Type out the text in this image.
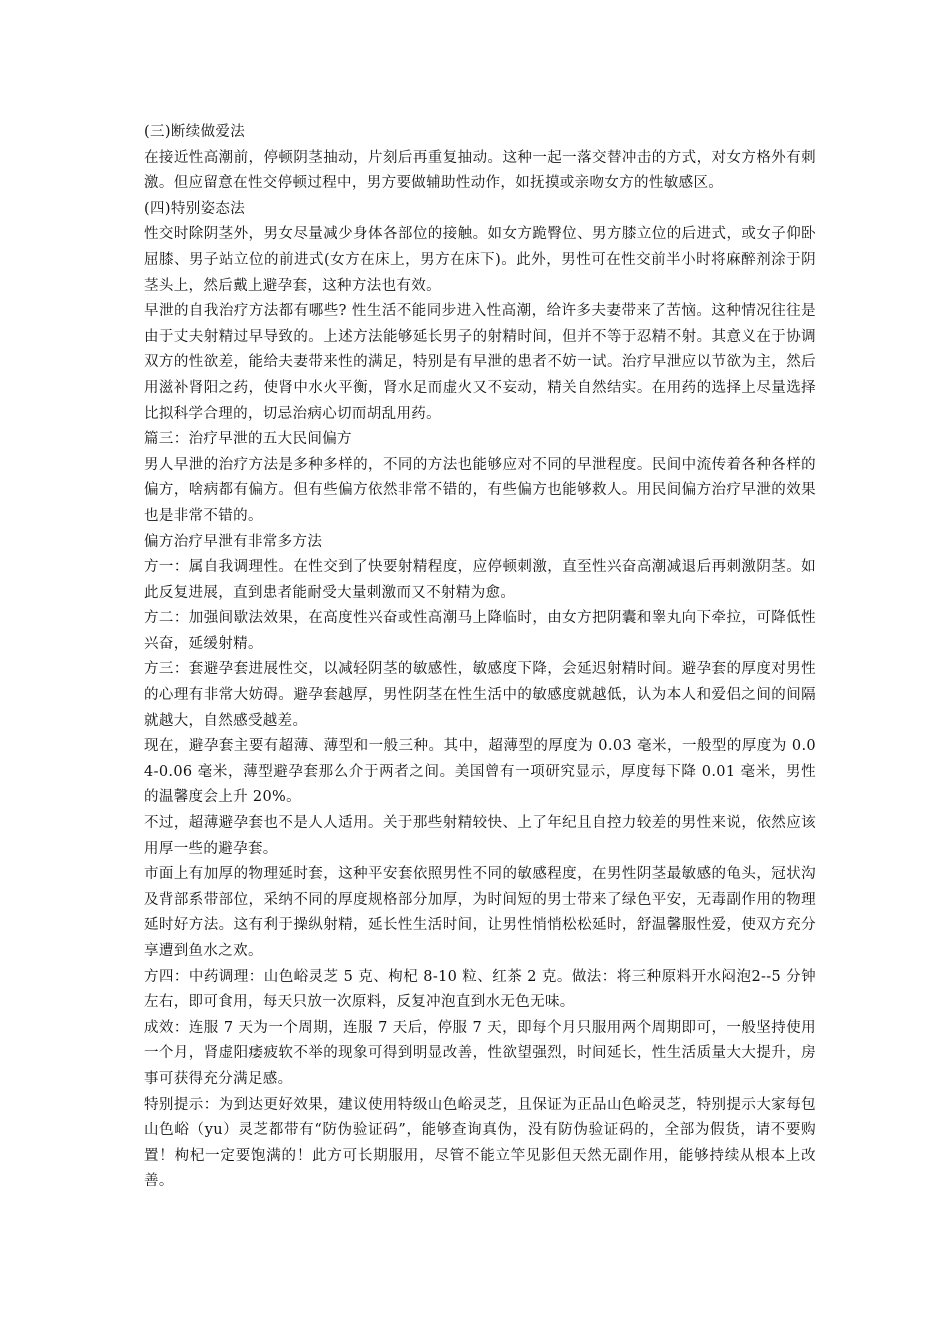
(三)断续做爱法

在接近性高潮前，停顿阴茎抽动，片刻后再重复抽动。这种一起一落交替冲击的方式，对女方格外有刺激。但应留意在性交停顿过程中，男方要做辅助性动作，如抚摸或亲吻女方的性敏感区。

(四)特别姿态法

性交时除阴茎外，男女尽量减少身体各部位的接触。如女方跪臀位、男方膝立位的后进式，或女子仰卧屈膝、男子站立位的前进式(女方在床上，男方在床下)。此外，男性可在性交前半小时将麻醉剂涂于阴茎头上，然后戴上避孕套，这种方法也有效。

早泄的自我治疗方法都有哪些? 性生活不能同步进入性高潮，给许多夫妻带来了苦恼。这种情况往往是由于丈夫射精过早导致的。上述方法能够延长男子的射精时间，但并不等于忍精不射。其意义在于协调双方的性欲差，能给夫妻带来性的满足，特别是有早泄的患者不妨一试。治疗早泄应以节欲为主，然后用滋补肾阳之药，使肾中水火平衡，肾水足而虚火又不妄动，精关自然结实。在用药的选择上尽量选择比拟科学合理的，切忌治病心切而胡乱用药。

篇三：治疗早泄的五大民间偏方

男人早泄的治疗方法是多种多样的，不同的方法也能够应对不同的早泄程度。民间中流传着各种各样的偏方，啥病都有偏方。但有些偏方依然非常不错的，有些偏方也能够救人。用民间偏方治疗早泄的效果也是非常不错的。

偏方治疗早泄有非常多方法

方一：属自我调理性。在性交到了快要射精程度，应停顿刺激，直至性兴奋高潮减退后再刺激阴茎。如此反复进展，直到患者能耐受大量刺激而又不射精为愈。

方二：加强间歇法效果，在高度性兴奋或性高潮马上降临时，由女方把阴囊和睾丸向下牵拉，可降低性兴奋，延缓射精。

方三：套避孕套进展性交，以减轻阴茎的敏感性，敏感度下降，会延迟射精时间。避孕套的厚度对男性的心理有非常大妨碍。避孕套越厚，男性阴茎在性生活中的敏感度就越低，认为本人和爱侣之间的间隔就越大，自然感受越差。

现在，避孕套主要有超薄、薄型和一般三种。其中，超薄型的厚度为 0.03 毫米，一般型的厚度为 0.04-0.06 毫米，薄型避孕套那么介于两者之间。美国曾有一项研究显示，厚度每下降 0.01 毫米，男性的温馨度会上升 20%。

不过，超薄避孕套也不是人人适用。关于那些射精较快、上了年纪且自控力较差的男性来说，依然应该用厚一些的避孕套。

市面上有加厚的物理延时套，这种平安套依照男性不同的敏感程度，在男性阴茎最敏感的龟头，冠状沟及背部系带部位，采纳不同的厚度规格部分加厚，为时间短的男士带来了绿色平安，无毒副作用的物理延时好方法。这有利于操纵射精，延长性生活时间，让男性悄悄松松延时，舒温馨服性爱，使双方充分享遭到鱼水之欢。

方四：中药调理：山色峪灵芝 5 克、枸杞 8-10 粒、红茶 2 克。做法：将三种原料开水闷泡2--5 分钟左右，即可食用，每天只放一次原料，反复冲泡直到水无色无味。

成效：连服 7 天为一个周期，连服 7 天后，停服 7 天，即每个月只服用两个周期即可，一般坚持使用一个月，肾虚阳痿疲软不举的现象可得到明显改善，性欲望强烈，时间延长，性生活质量大大提升，房事可获得充分满足感。

特别提示：为到达更好效果，建议使用特级山色峪灵芝，且保证为正品山色峪灵芝，特别提示大家每包山色峪（yu）灵芝都带有“防伪验证码”，能够查询真伪，没有防伪验证码的，全部为假货，请不要购置！枸杞一定要饱满的！此方可长期服用，尽管不能立竿见影但天然无副作用，能够持续从根本上改善。
